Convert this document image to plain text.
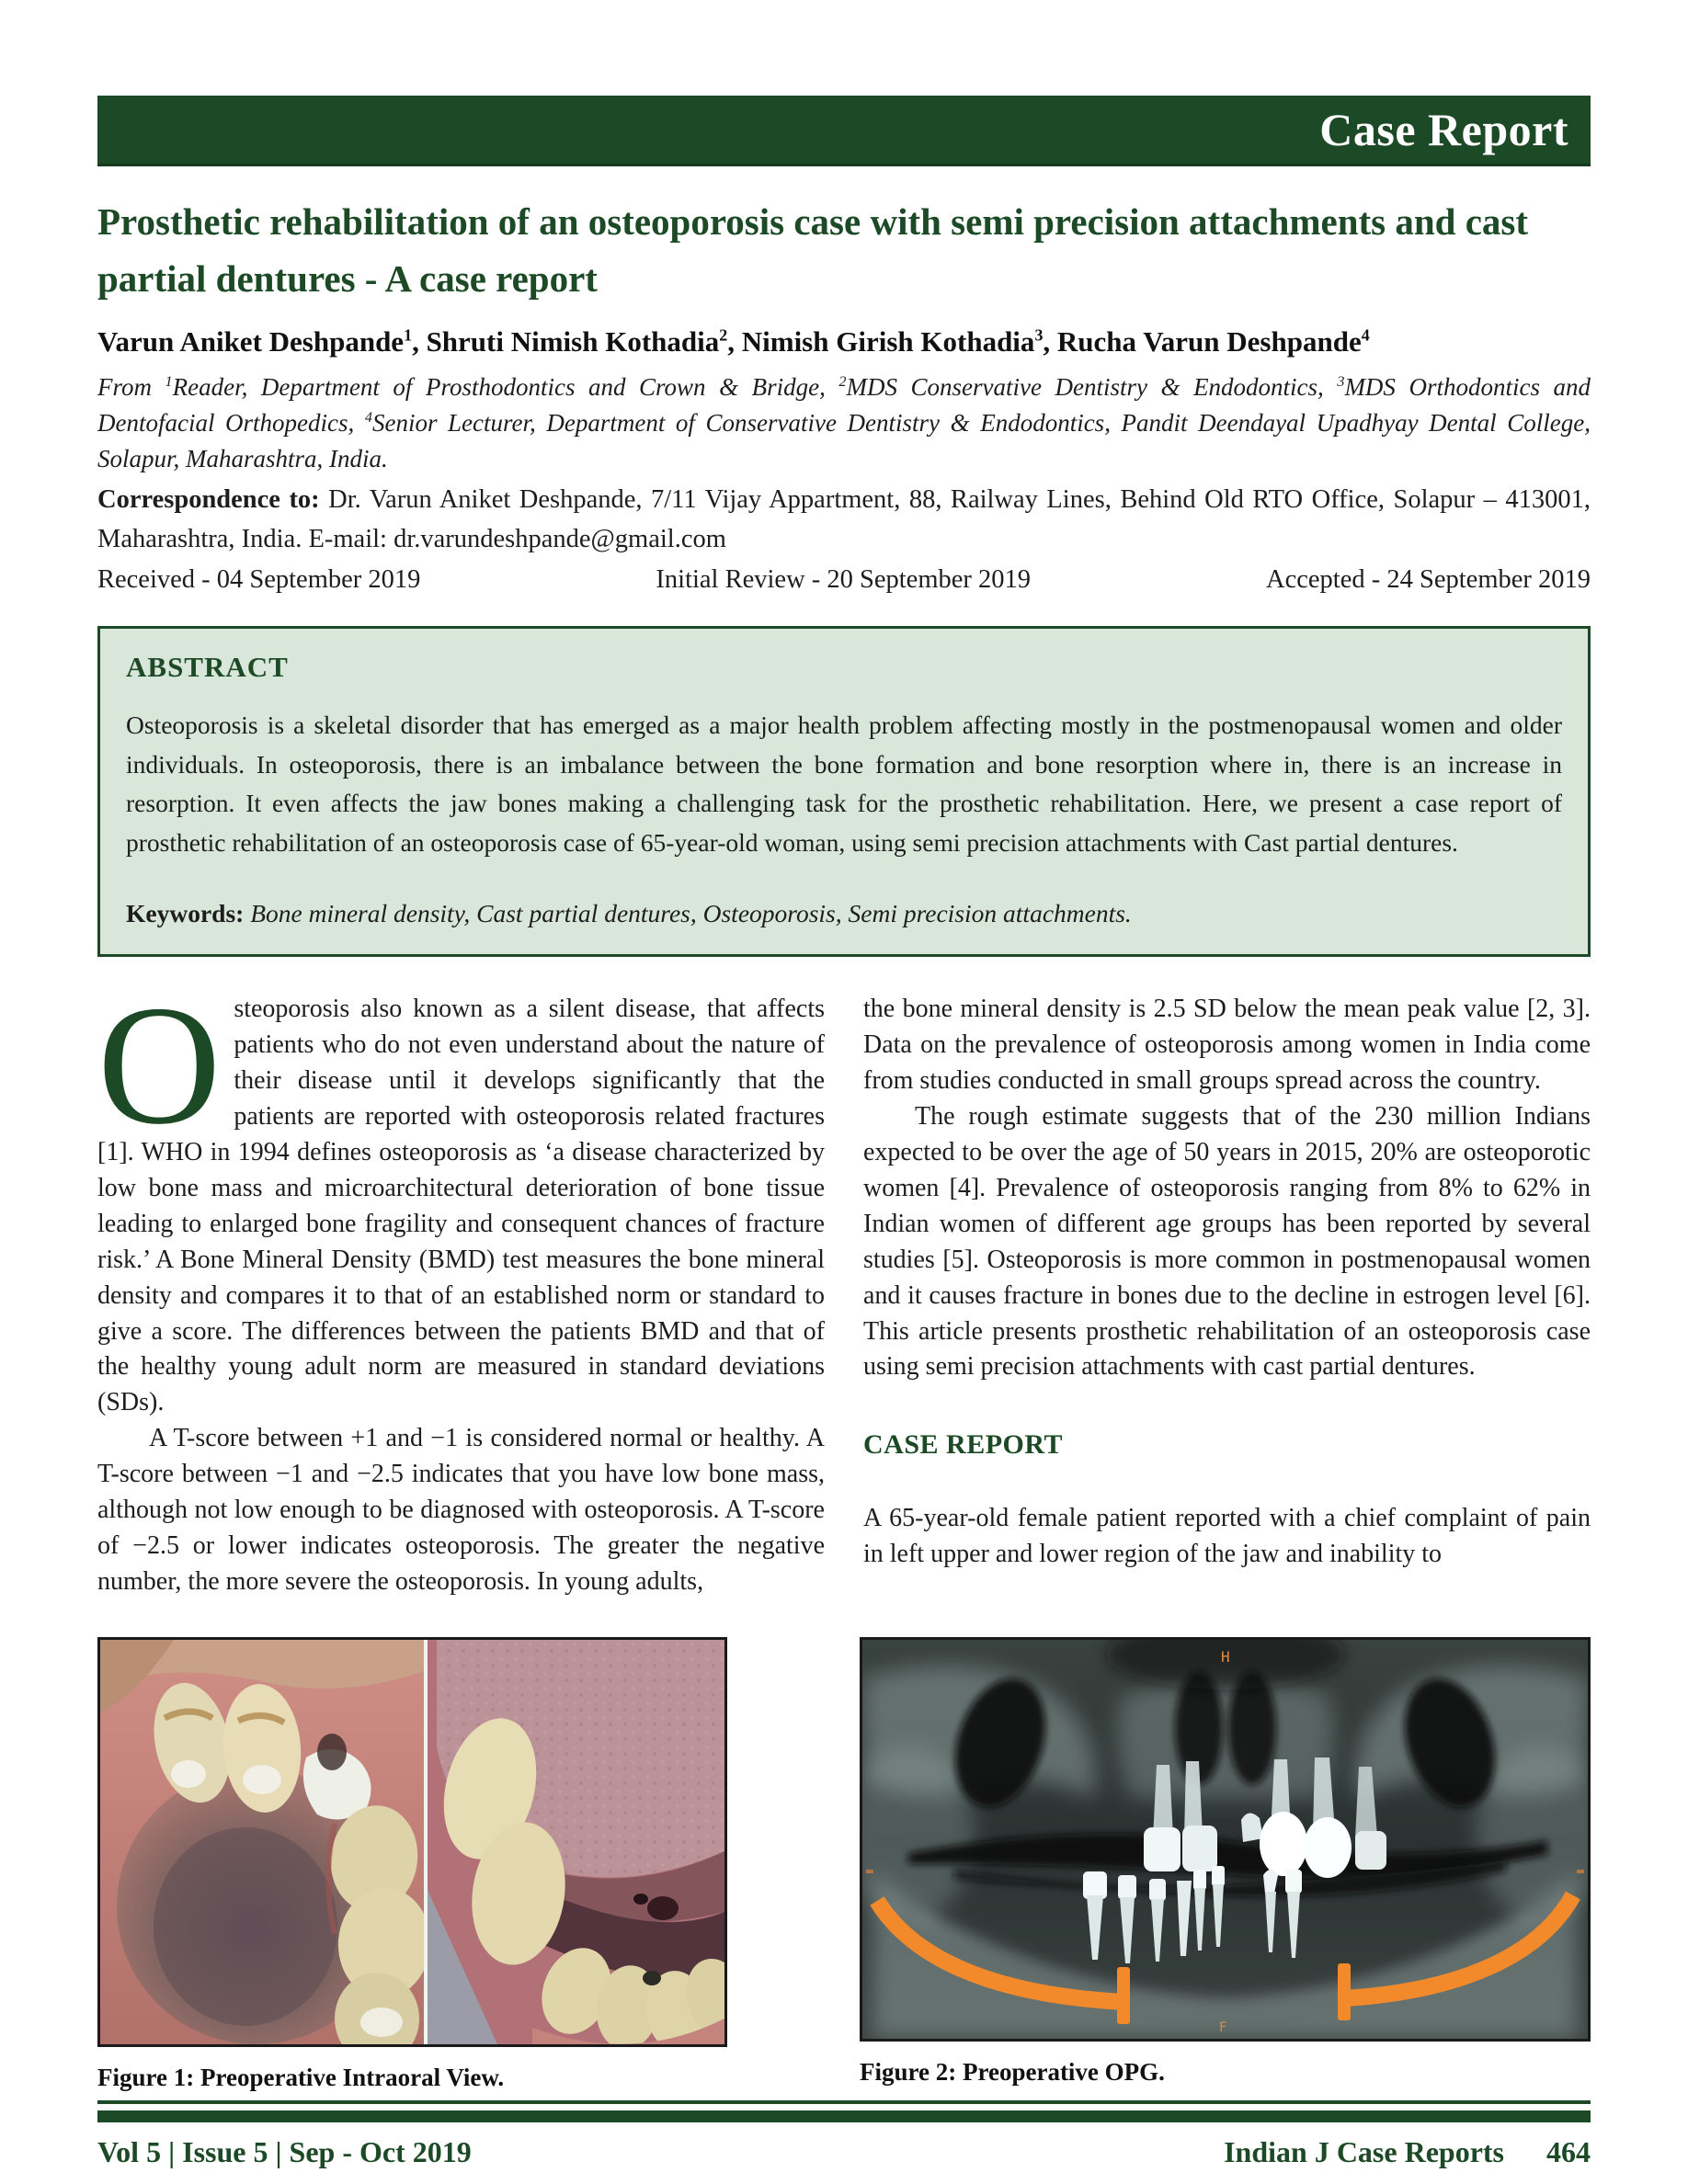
Case Report
Prosthetic rehabilitation of an osteoporosis case with semi precision attachments and cast partial dentures - A case report
Varun Aniket Deshpande$^1$, Shruti Nimish Kothadia$^2$, Nimish Girish Kothadia$^3$, Rucha Varun Deshpande$^4$
From $^1$Reader, Department of Prosthodontics and Crown & Bridge, $^2$MDS Conservative Dentistry & Endodontics, $^3$MDS Orthodontics and Dentofacial Orthopedics, $^4$Senior Lecturer, Department of Conservative Dentistry & Endodontics, Pandit Deendayal Upadhyay Dental College, Solapur, Maharashtra, India.
Correspondence to: Dr. Varun Aniket Deshpande, 7/11 Vijay Appartment, 88, Railway Lines, Behind Old RTO Office, Solapur – 413001, Maharashtra, India. E-mail: dr.varundeshpande@gmail.com
Received - 04 September 2019	Initial Review - 20 September 2019	Accepted - 24 September 2019
ABSTRACT

Osteoporosis is a skeletal disorder that has emerged as a major health problem affecting mostly in the postmenopausal women and older individuals. In osteoporosis, there is an imbalance between the bone formation and bone resorption where in, there is an increase in resorption. It even affects the jaw bones making a challenging task for the prosthetic rehabilitation. Here, we present a case report of prosthetic rehabilitation of an osteoporosis case of 65-year-old woman, using semi precision attachments with Cast partial dentures.

Keywords: Bone mineral density, Cast partial dentures, Osteoporosis, Semi precision attachments.

Osteoporosis also known as a silent disease, that affects patients who do not even understand about the nature of their disease until it develops significantly that the patients are reported with osteoporosis related fractures [1]. WHO in 1994 defines osteoporosis as ‘a disease characterized by low bone mass and microarchitectural deterioration of bone tissue leading to enlarged bone fragility and consequent chances of fracture risk.’ A Bone Mineral Density (BMD) test measures the bone mineral density and compares it to that of an established norm or standard to give a score. The differences between the patients BMD and that of the healthy young adult norm are measured in standard deviations (SDs).

A T-score between +1 and −1 is considered normal or healthy. A T-score between −1 and −2.5 indicates that you have low bone mass, although not low enough to be diagnosed with osteoporosis. A T-score of −2.5 or lower indicates osteoporosis. The greater the negative number, the more severe the osteoporosis. In young adults,

the bone mineral density is 2.5 SD below the mean peak value [2, 3]. Data on the prevalence of osteoporosis among women in India come from studies conducted in small groups spread across the country.

The rough estimate suggests that of the 230 million Indians expected to be over the age of 50 years in 2015, 20% are osteoporotic women [4]. Prevalence of osteoporosis ranging from 8% to 62% in Indian women of different age groups has been reported by several studies [5]. Osteoporosis is more common in postmenopausal women and it causes fracture in bones due to the decline in estrogen level [6]. This article presents prosthetic rehabilitation of an osteoporosis case using semi precision attachments with cast partial dentures.

CASE REPORT

A 65-year-old female patient reported with a chief complaint of pain in left upper and lower region of the jaw and inability to

Figure 1: Preoperative Intraoral View.
H
F
Figure 2: Preoperative OPG.
Vol 5 | Issue 5 | Sep - Oct 2019	Indian J Case Reports 464
